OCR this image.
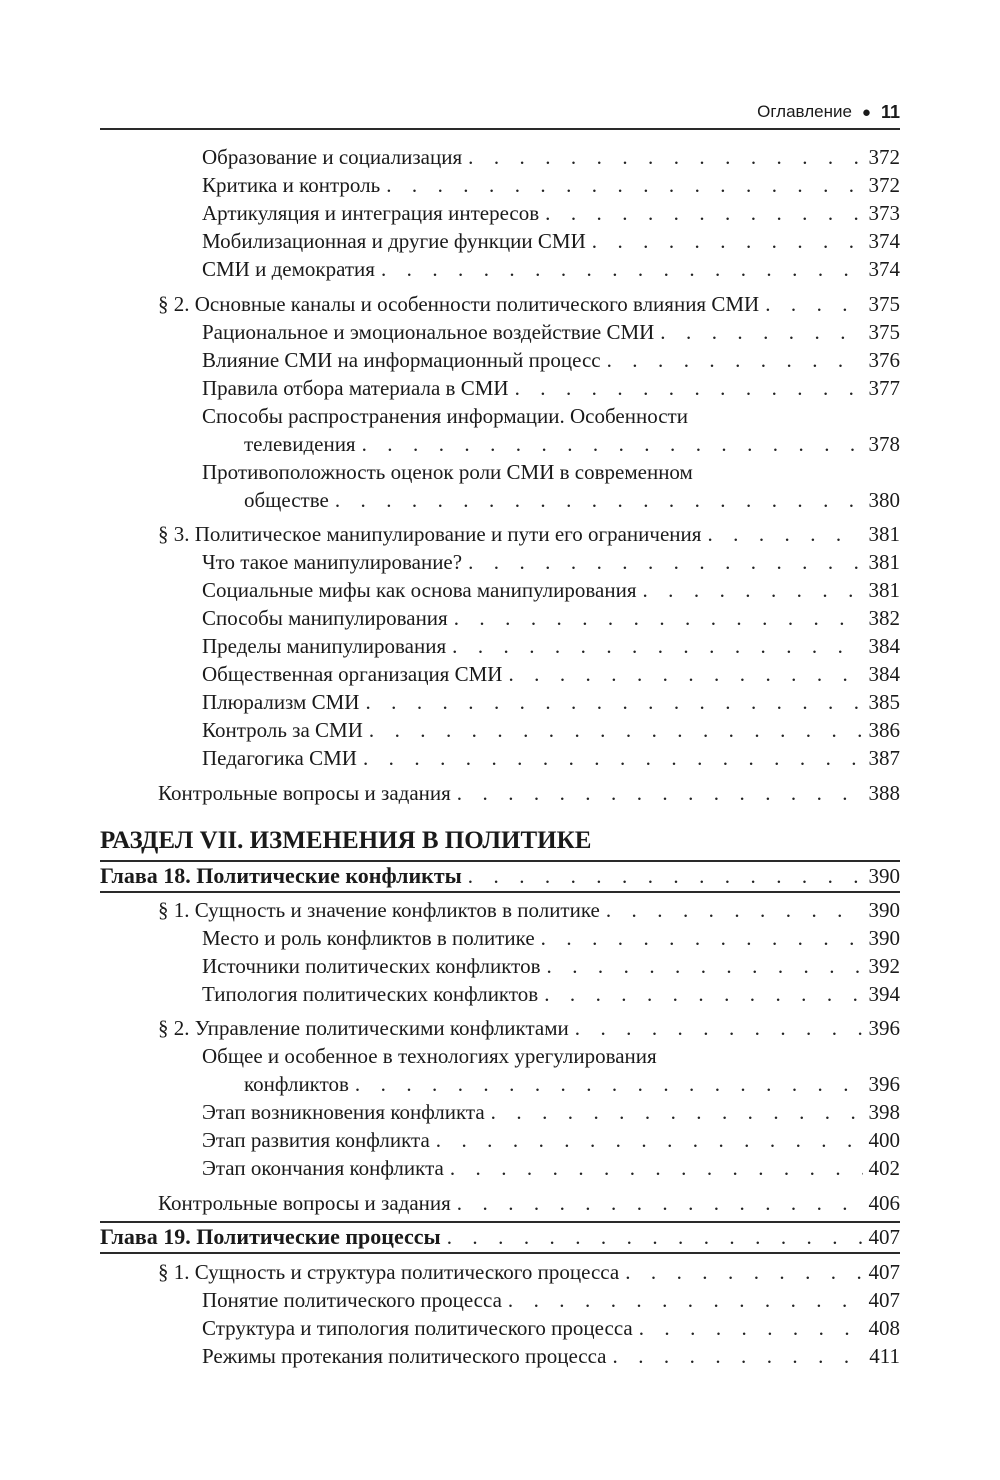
Оглавление ● 11
Образование и социализация . . .	372
Критика и контроль . . .	372
Артикуляция и интеграция интересов . . .	373
Мобилизационная и другие функции СМИ . . .	374
СМИ и демократия . . .	374
§ 2. Основные каналы и особенности политического влияния СМИ . . .	375
Рациональное и эмоциональное воздействие СМИ . . .	375
Влияние СМИ на информационный процесс . . .	376
Правила отбора материала в СМИ . . .	377
Способы распространения информации. Особенности
телевидения . . .	378
Противоположность оценок роли СМИ в современном
обществе . . .	380
§ 3. Политическое манипулирование и пути его ограничения . . .	381
Что такое манипулирование? . . .	381
Социальные мифы как основа манипулирования . . .	381
Способы манипулирования . . .	382
Пределы манипулирования . . .	384
Общественная организация СМИ . . .	384
Плюрализм СМИ . . .	385
Контроль за СМИ . . .	386
Педагогика СМИ . . .	387
Контрольные вопросы и задания . . .	388
РАЗДЕЛ VII. ИЗМЕНЕНИЯ В ПОЛИТИКЕ
Глава 18. Политические конфликты . . .	390
§ 1. Сущность и значение конфликтов в политике . . .	390
Место и роль конфликтов в политике . . .	390
Источники политических конфликтов . . .	392
Типология политических конфликтов . . .	394
§ 2. Управление политическими конфликтами . . .	396
Общее и особенное в технологиях урегулирования
конфликтов . . .	396
Этап возникновения конфликта . . .	398
Этап развития конфликта . . .	400
Этап окончания конфликта . . .	402
Контрольные вопросы и задания . . .	406
Глава 19. Политические процессы . . .	407
§ 1. Сущность и структура политического процесса . . .	407
Понятие политического процесса . . .	407
Структура и типология политического процесса . . .	408
Режимы протекания политического процесса . . .	411
